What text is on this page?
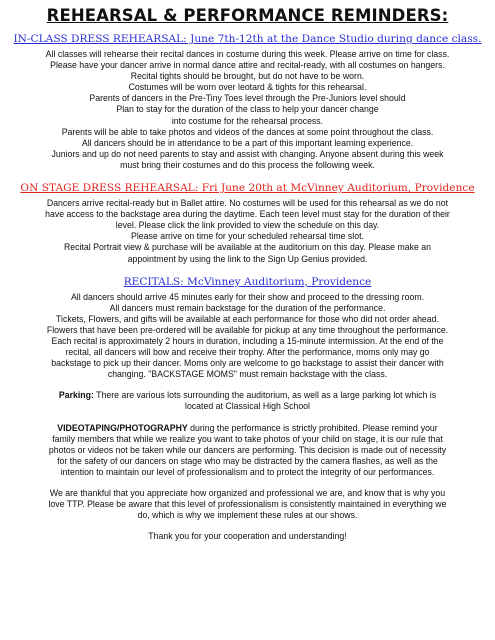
REHEARSAL & PERFORMANCE REMINDERS:
IN-CLASS DRESS REHEARSAL: June 7th-12th at the Dance Studio during dance class.
All classes will rehearse their recital dances in costume during this week. Please arrive on time for class.
Please have your dancer arrive in normal dance attire and recital-ready, with all costumes on hangers.
Recital tights should be brought, but do not have to be worn.
Costumes will be worn over leotard & tights for this rehearsal.
Parents of dancers in the Pre-Tiny Toes level through the Pre-Juniors level should
Plan to stay for the duration of the class to help your dancer change
into costume for the rehearsal process.
Parents will be able to take photos and videos of the dances at some point throughout the class.
All dancers should be in attendance to be a part of this important learning experience.
Juniors and up do not need parents to stay and assist with changing. Anyone absent during this week
must bring their costumes and do this process the following week.
ON STAGE DRESS REHEARSAL: Fri June 20th at McVinney Auditorium, Providence
Dancers arrive recital-ready but in Ballet attire. No costumes will be used for this rehearsal as we do not
have access to the backstage area during the daytime. Each teen level must stay for the duration of their
level. Please click the link provided to view the schedule on this day.
Please arrive on time for your scheduled rehearsal time slot.
Recital Portrait view & purchase will be available at the auditorium on this day. Please make an
appointment by using the link to the Sign Up Genius provided.
RECITALS: McVinney Auditorium, Providence
All dancers should arrive 45 minutes early for their show and proceed to the dressing room.
All dancers must remain backstage for the duration of the performance.
Tickets, Flowers, and gifts will be available at each performance for those who did not order ahead.
Flowers that have been pre-ordered will be available for pickup at any time throughout the performance.
Each recital is approximately 2 hours in duration, including a 15-minute intermission. At the end of the
recital, all dancers will bow and receive their trophy. After the performance, moms only may go
backstage to pick up their dancer. Moms only are welcome to go backstage to assist their dancer with
changing. "BACKSTAGE MOMS" must remain backstage with the class.
Parking: There are various lots surrounding the auditorium, as well as a large parking lot which is
located at Classical High School
VIDEOTAPING/PHOTOGRAPHY during the performance is strictly prohibited. Please remind your
family members that while we realize you want to take photos of your child on stage, it is our rule that
photos or videos not be taken while our dancers are performing. This decision is made out of necessity
for the safety of our dancers on stage who may be distracted by the camera flashes, as well as the
intention to maintain our level of professionalism and to protect the integrity of our performances.
We are thankful that you appreciate how organized and professional we are, and know that is why you
love TTP. Please be aware that this level of professionalism is consistently maintained in everything we
do, which is why we implement these rules at our shows.
Thank you for your cooperation and understanding!
